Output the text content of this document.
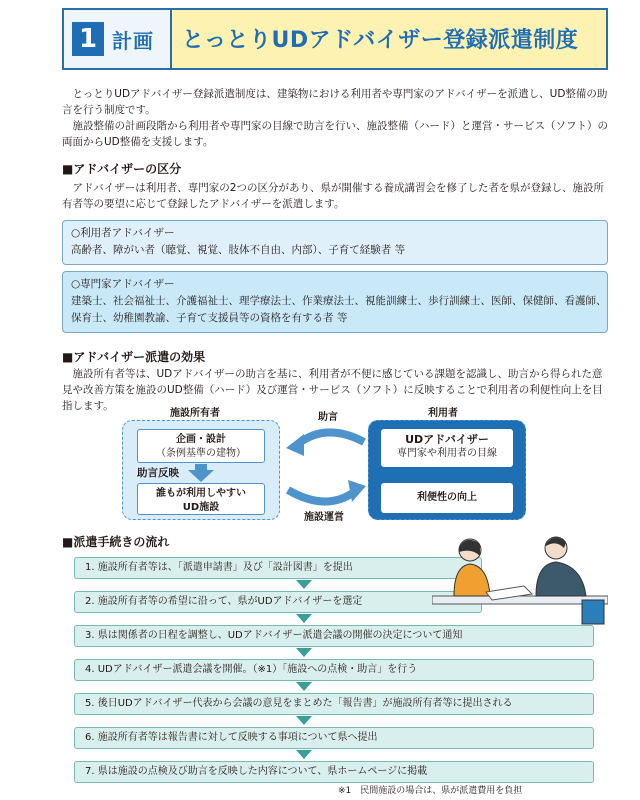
1 計画 とっとりUDアドバイザー登録派遣制度

とっとりUDアドバイザー登録派遣制度は、建築物における利用者や専門家のアドバイザーを派遣し、UD整備の助言を行う制度です。

施設整備の計画段階から利用者や専門家の目線で助言を行い、施設整備（ハード）と運営・サービス（ソフト）の両面からUD整備を支援します。

■アドバイザーの区分

アドバイザーは利用者、専門家の2つの区分があり、県が開催する養成講習会を修了した者を県が登録し、施設所有者等の要望に応じて登録したアドバイザーを派遣します。

○利用者アドバイザー
高齢者、障がい者（聴覚、視覚、肢体不自由、内部）、子育て経験者 等
○専門家アドバイザー
建築士、社会福祉士、介護福祉士、理学療法士、作業療法士、視能訓練士、歩行訓練士、医師、保健師、看護師、
保育士、幼稚園教諭、子育て支援員等の資格を有する者 等
■アドバイザー派遣の効果

施設所有者等は、UDアドバイザーの助言を基に、利用者が不便に感じている課題を認識し、助言から得られた意見や改善方策を施設のUD整備（ハード）及び運営・サービス（ソフト）に反映することで利用者の利便性向上を目指します。

企画・設計
（条例基準の建物）
助言反映
誰もが利用しやすい
UD施設
施設所有者
UDアドバイザー
専門家や利用者の目線
利便性の向上
利用者
助言
施設運営
■派遣手続きの流れ
1. 施設所有者等は、「派遣申請書」及び「設計図書」を提出
2. 施設所有者等の希望に沿って、県がUDアドバイザーを選定
3. 県は関係者の日程を調整し、UDアドバイザー派遣会議の開催の決定について通知
4. UDアドバイザー派遣会議を開催。（※1）「施設への点検・助言」を行う
5. 後日UDアドバイザー代表から会議の意見をまとめた「報告書」が施設所有者等に提出される
6. 施設所有者等は報告書に対して反映する事項について県へ提出
7. 県は施設の点検及び助言を反映した内容について、県ホームページに掲載
※1　民間施設の場合は、県が派遣費用を負担
